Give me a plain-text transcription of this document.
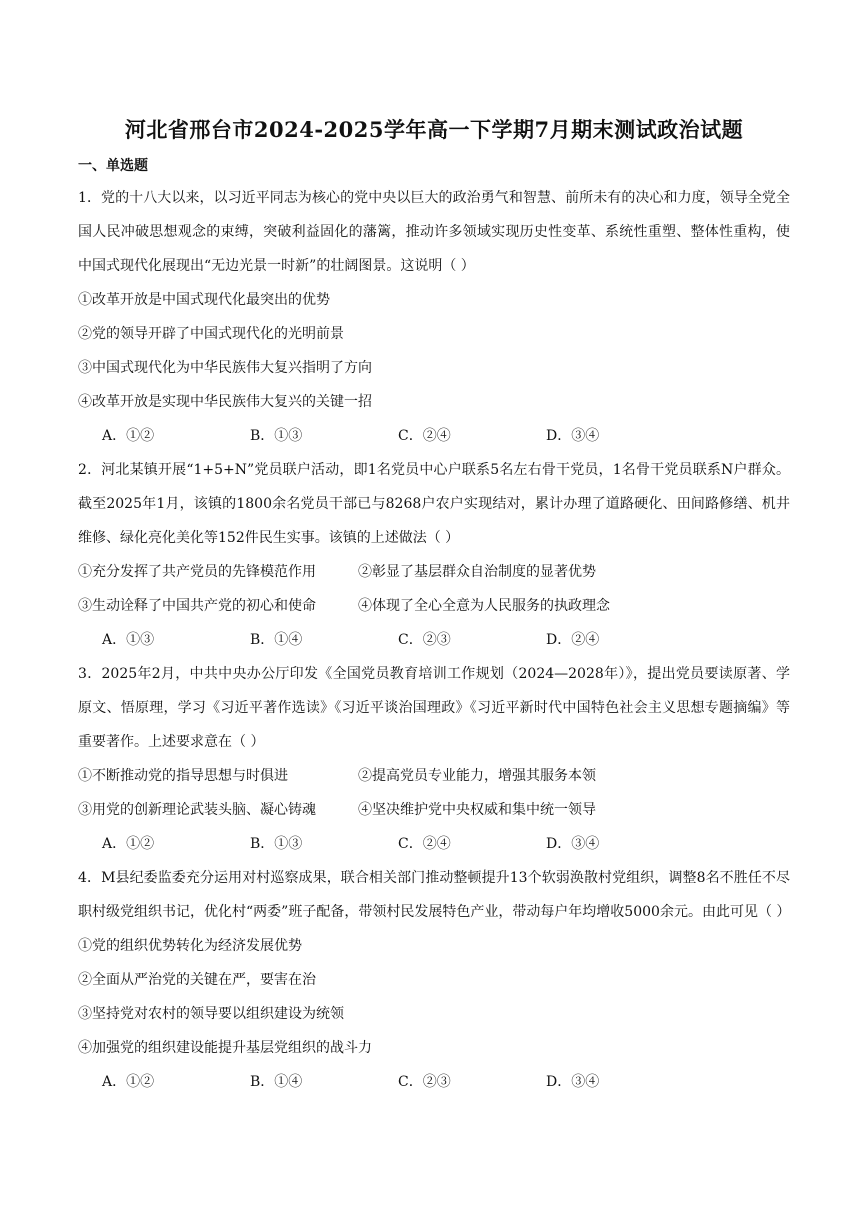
河北省邢台市2024-2025学年高一下学期7月期末测试政治试题
一、单选题

1．党的十八大以来，以习近平同志为核心的党中央以巨大的政治勇气和智慧、前所未有的决心和力度，领导全党全国人民冲破思想观念的束缚，突破利益固化的藩篱，推动许多领域实现历史性变革、系统性重塑、整体性重构，使中国式现代化展现出“无边光景一时新”的壮阔图景。这说明（ ）

①改革开放是中国式现代化最突出的优势

②党的领导开辟了中国式现代化的光明前景

③中国式现代化为中华民族伟大复兴指明了方向

④改革开放是实现中华民族伟大复兴的关键一招

A．①②	B．①③	C．②④	D．③④

2．河北某镇开展“1+5+N”党员联户活动，即1名党员中心户联系5名左右骨干党员，1名骨干党员联系N户群众。截至2025年1月，该镇的1800余名党员干部已与8268户农户实现结对，累计办理了道路硬化、田间路修缮、机井维修、绿化亮化美化等152件民生实事。该镇的上述做法（ ）

①充分发挥了共产党员的先锋模范作用	②彰显了基层群众自治制度的显著优势
③生动诠释了中国共产党的初心和使命	④体现了全心全意为人民服务的执政理念
A．①③	B．①④	C．②③	D．②④

3．2025年2月，中共中央办公厅印发《全国党员教育培训工作规划（2024—2028年）》，提出党员要读原著、学原文、悟原理，学习《习近平著作选读》《习近平谈治国理政》《习近平新时代中国特色社会主义思想专题摘编》等重要著作。上述要求意在（ ）

①不断推动党的指导思想与时俱进	②提高党员专业能力，增强其服务本领
③用党的创新理论武装头脑、凝心铸魂	④坚决维护党中央权威和集中统一领导
A．①②	B．①③	C．②④	D．③④

4．M县纪委监委充分运用对村巡察成果，联合相关部门推动整顿提升13个软弱涣散村党组织，调整8名不胜任不尽职村级党组织书记，优化村“两委”班子配备，带领村民发展特色产业，带动每户年均增收5000余元。由此可见（ ）

①党的组织优势转化为经济发展优势

②全面从严治党的关键在严，要害在治

③坚持党对农村的领导要以组织建设为统领

④加强党的组织建设能提升基层党组织的战斗力

A．①②	B．①④	C．②③	D．③④
